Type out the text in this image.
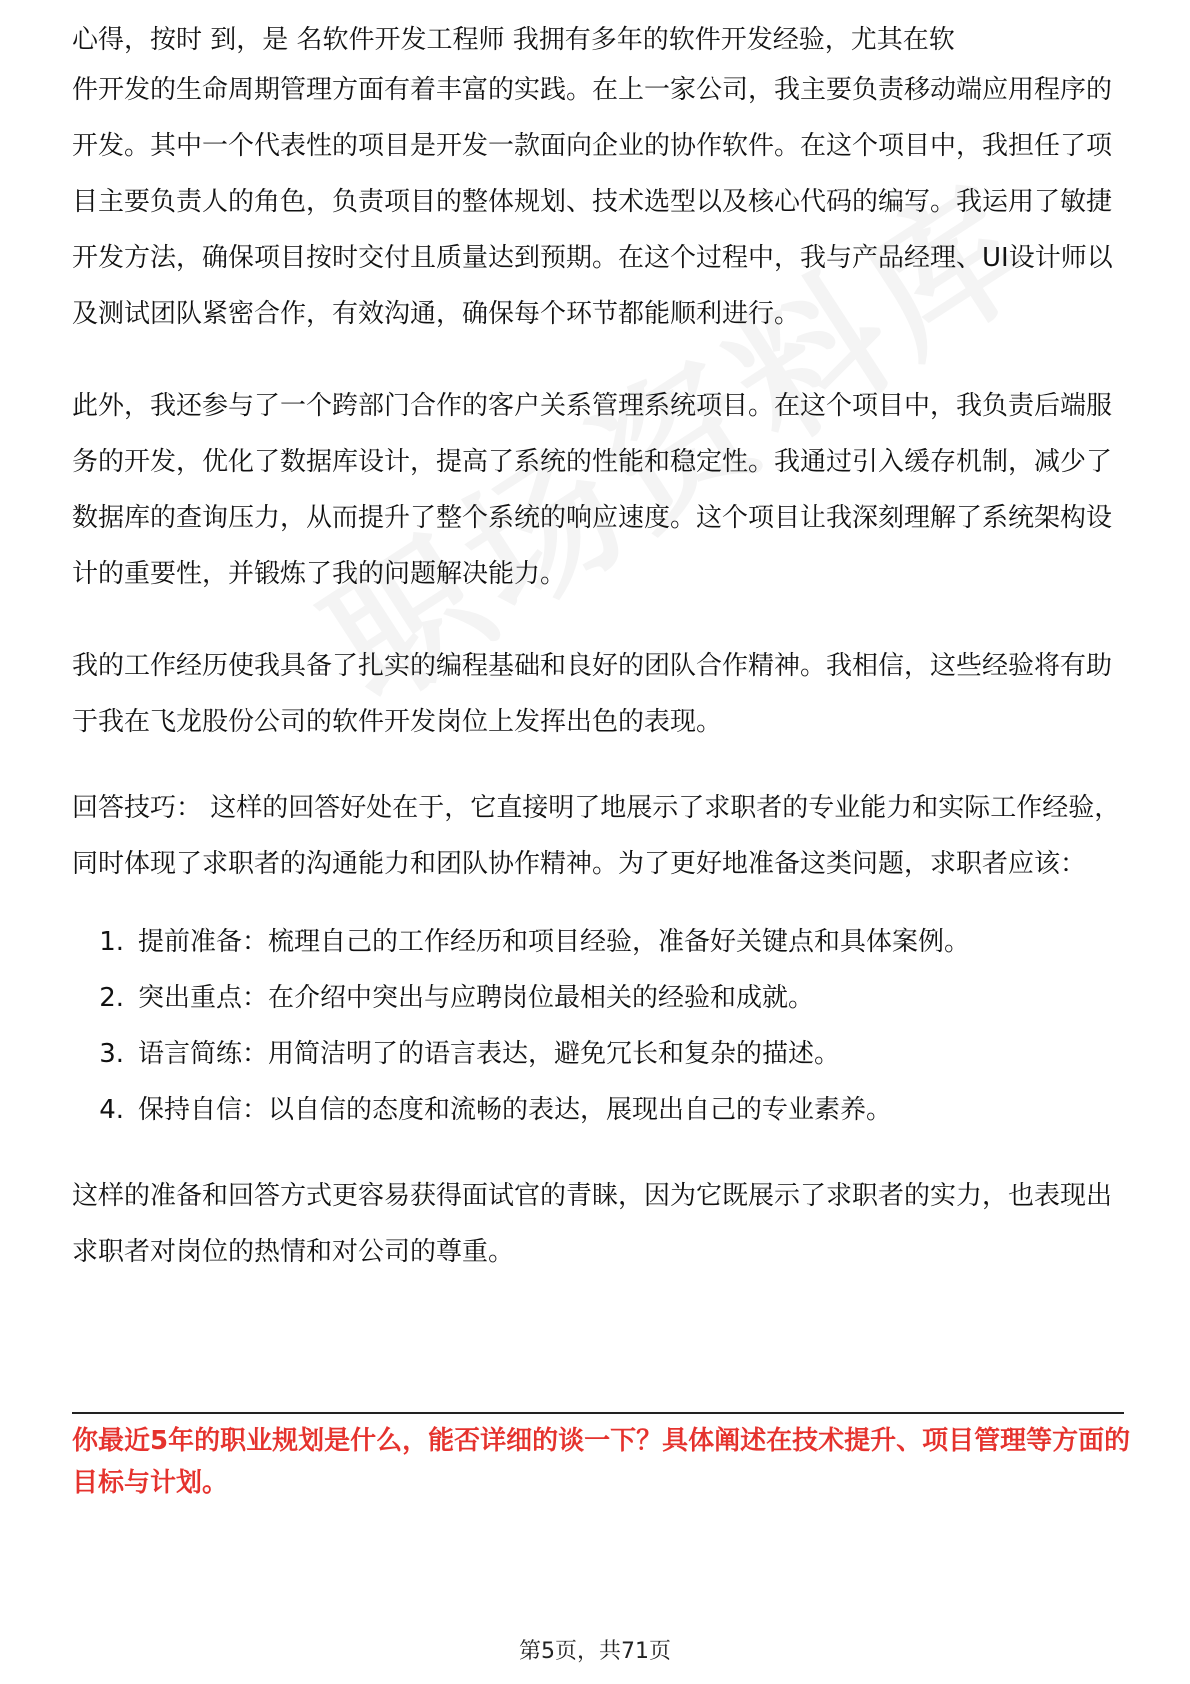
心得，按时 到，是 名软件开发工程师 我拥有多年的软件开发经验，尤其在软

件开发的生命周期管理方面有着丰富的实践。在上一家公司，我主要负责移动端应用程序的开发。其中一个代表性的项目是开发一款面向企业的协作软件。在这个项目中，我担任了项目主要负责人的角色，负责项目的整体规划、技术选型以及核心代码的编写。我运用了敏捷开发方法，确保项目按时交付且质量达到预期。在这个过程中，我与产品经理、UI设计师以及测试团队紧密合作，有效沟通，确保每个环节都能顺利进行。

此外，我还参与了一个跨部门合作的客户关系管理系统项目。在这个项目中，我负责后端服务的开发，优化了数据库设计，提高了系统的性能和稳定性。我通过引入缓存机制，减少了数据库的查询压力，从而提升了整个系统的响应速度。这个项目让我深刻理解了系统架构设计的重要性，并锻炼了我的问题解决能力。

我的工作经历使我具备了扎实的编程基础和良好的团队合作精神。我相信，这些经验将有助于我在飞龙股份公司的软件开发岗位上发挥出色的表现。

回答技巧： 这样的回答好处在于，它直接明了地展示了求职者的专业能力和实际工作经验，同时体现了求职者的沟通能力和团队协作精神。为了更好地准备这类问题，求职者应该：

1. 提前准备：梳理自己的工作经历和项目经验，准备好关键点和具体案例。
2. 突出重点：在介绍中突出与应聘岗位最相关的经验和成就。
3. 语言简练：用简洁明了的语言表达，避免冗长和复杂的描述。
4. 保持自信：以自信的态度和流畅的表达，展现出自己的专业素养。

这样的准备和回答方式更容易获得面试官的青睐，因为它既展示了求职者的实力，也表现出求职者对岗位的热情和对公司的尊重。

你最近5年的职业规划是什么，能否详细的谈一下？具体阐述在技术提升、项目管理等方面的目标与计划。
第5页，共71页
